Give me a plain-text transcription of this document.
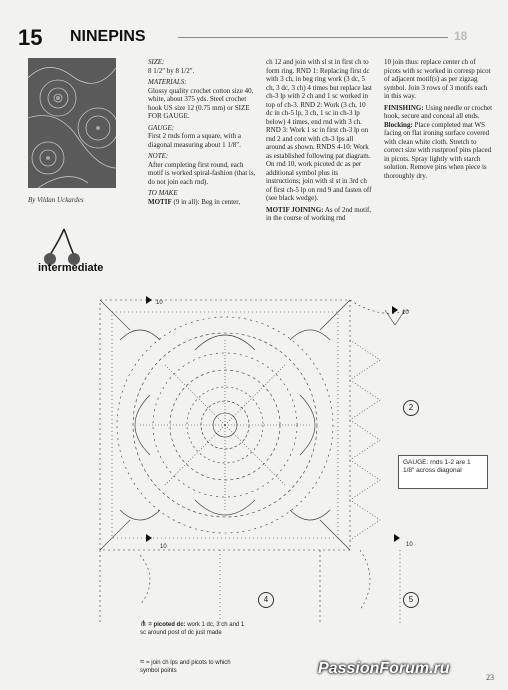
15 NINEPINS	18
By Vildan Uckardes
intermediate

SIZE:

8 1/2" by 8 1/2".

MATERIALS:

Glossy quality crochet cotton size 40, white, about 375 yds. Steel crochet hook US size 12 (0.75 mm) or SIZE FOR GAUGE.

GAUGE:

First 2 rnds form a square, with a diagonal measuring about 1 1/8".

NOTE:

After completing first round, each motif is worked spiral-fashion (that is, do not join each rnd).

TO MAKE

MOTIF (9 in all): Beg in center,

ch 12 and join with sl st in first ch to form ring. RND 1: Replacing first dc with 3 ch, in beg ring work (3 dc, 5 ch, 3 dc, 3 ch) 4 times but replace last ch-3 lp with 2 ch and 1 sc worked in top of ch-3. RND 2: Work (3 ch, 10 dc in ch-5 lp, 3 ch, 1 sc in ch-3 lp below) 4 times, end rnd with 3 ch. RND 3: Work 1 sc in first ch-3 lp on rnd 2 and cont with ch-3 lps all around as shown. RNDS 4-10: Work as established following pat diagram. On rnd 10, work picoted dc as per additional symbol plus its instructions; join with sl st in 3rd ch of first ch-5 lp on rnd 9 and fasten off (see black wedge).

MOTIF JOINING: As of 2nd motif, in the course of working rnd

10 join thus: replace center ch of picots with sc worked in corresp picot of adjacent motif(s) as per zigzag symbol. Join 3 rows of 3 motifs each in this way.

FINISHING: Using needle or crochet hook, secure and conceal all ends. Blocking: Place completed mat WS facing on flat ironing surface covered with clean white cloth. Stretch to correct size with rustproof pins placed in picots. Spray lightly with starch solution. Remove pins when piece is thoroughly dry.

10
10
10	10
2
4	5
GAUGE: rnds 1-2 are 1 1/8" across diagonal
⋔ = picoted dc: work 1 dc, 3 ch and 1 sc around post of dc just made
≈ = join ch lps and picots to which symbol points	PassionForum.ru
23
